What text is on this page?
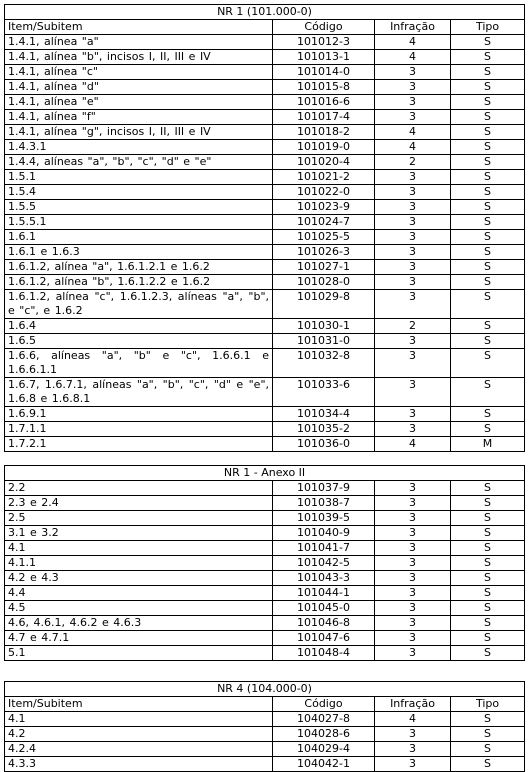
NR 1 (101.000-0)			
Item/Subitem	Código	Infração	Tipo
1.4.1, alínea "a"	101012-3	4	S
1.4.1, alínea "b", incisos I, II, III e IV	101013-1	4	S
1.4.1, alínea "c"	101014-0	3	S
1.4.1, alínea "d"	101015-8	3	S
1.4.1, alínea "e"	101016-6	3	S
1.4.1, alínea "f"	101017-4	3	S
1.4.1, alínea "g", incisos I, II, III e IV	101018-2	4	S
1.4.3.1	101019-0	4	S
1.4.4, alíneas "a", "b", "c", "d" e "e"	101020-4	2	S
1.5.1	101021-2	3	S
1.5.4	101022-0	3	S
1.5.5	101023-9	3	S
1.5.5.1	101024-7	3	S
1.6.1	101025-5	3	S
1.6.1 e 1.6.3	101026-3	3	S
1.6.1.2, alínea "a", 1.6.1.2.1 e 1.6.2	101027-1	3	S
1.6.1.2, alínea "b", 1.6.1.2.2 e 1.6.2	101028-0	3	S
1.6.1.2, alínea "c", 1.6.1.2.3, alíneas "a", "b", e "c", e 1.6.2	101029-8	3	S
1.6.4	101030-1	2	S
1.6.5	101031-0	3	S
1.6.6, alíneas "a", "b" e "c", 1.6.6.1 e 1.6.6.1.1	101032-8	3	S
1.6.7, 1.6.7.1, alíneas "a", "b", "c", "d" e "e", 1.6.8 e 1.6.8.1	101033-6	3	S
1.6.9.1	101034-4	3	S
1.7.1.1	101035-2	3	S
1.7.2.1	101036-0	4	M
NR 1 - Anexo II			
2.2	101037-9	3	S
2.3 e 2.4	101038-7	3	S
2.5	101039-5	3	S
3.1 e 3.2	101040-9	3	S
4.1	101041-7	3	S
4.1.1	101042-5	3	S
4.2 e 4.3	101043-3	3	S
4.4	101044-1	3	S
4.5	101045-0	3	S
4.6, 4.6.1, 4.6.2 e 4.6.3	101046-8	3	S
4.7 e 4.7.1	101047-6	3	S
5.1	101048-4	3	S
NR 4 (104.000-0)			
Item/Subitem	Código	Infração	Tipo
4.1	104027-8	4	S
4.2	104028-6	3	S
4.2.4	104029-4	3	S
4.3.3	104042-1	3	S
